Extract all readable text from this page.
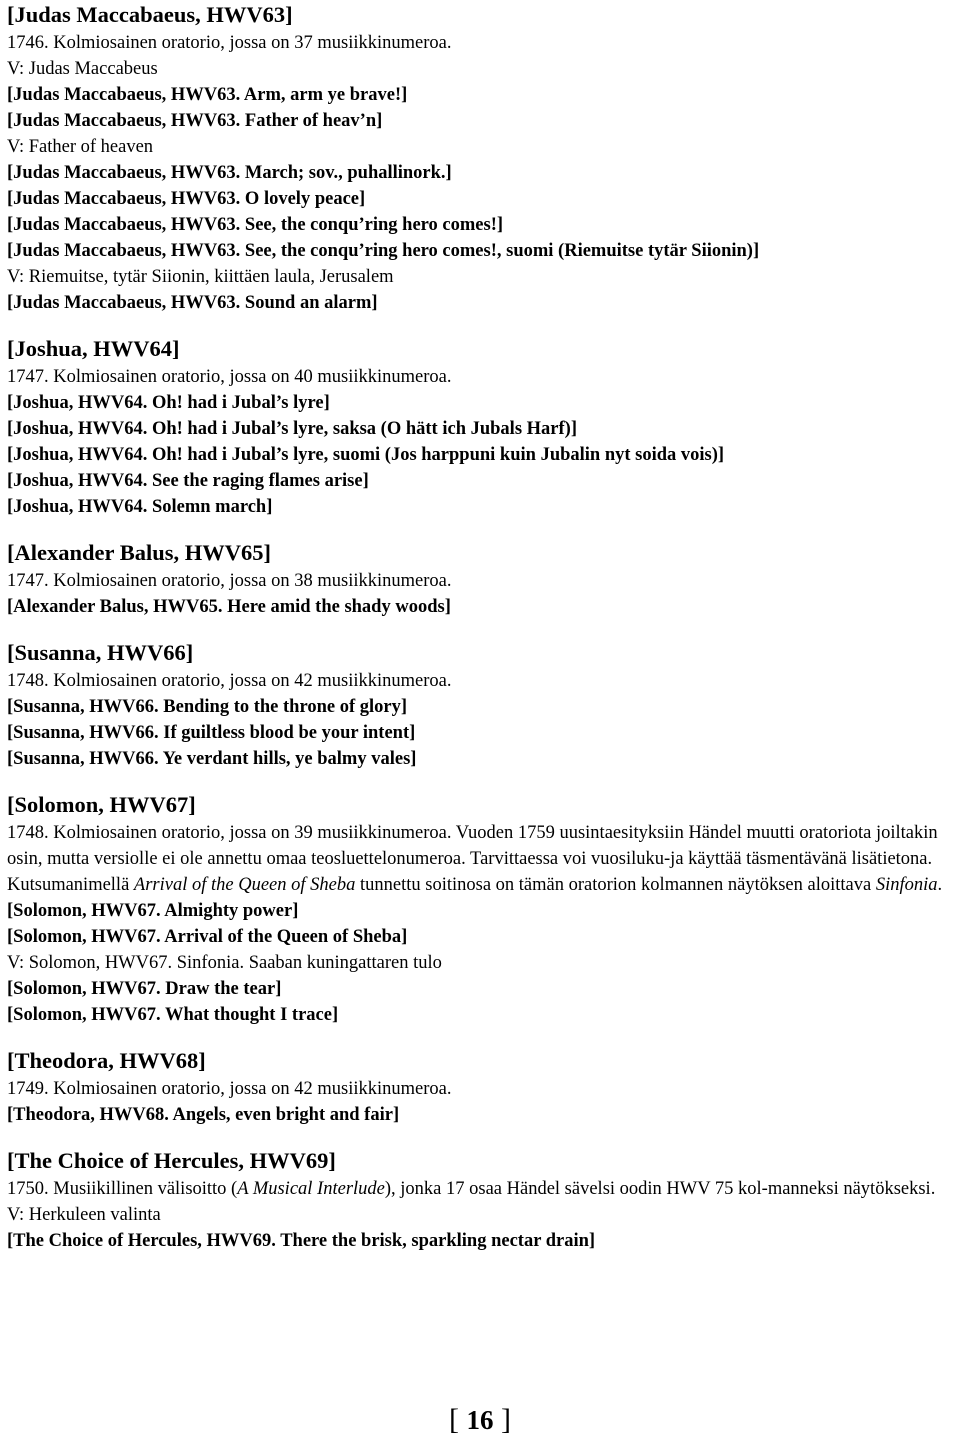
[Judas Maccabaeus, HWV63]
1746. Kolmiosainen oratorio, jossa on 37 musiikkinumeroa.
V: Judas Maccabeus
[Judas Maccabaeus, HWV63. Arm, arm ye brave!]
[Judas Maccabaeus, HWV63. Father of heav’n]
V: Father of heaven
[Judas Maccabaeus, HWV63. March; sov., puhallinork.]
[Judas Maccabaeus, HWV63. O lovely peace]
[Judas Maccabaeus, HWV63. See, the conqu’ring hero comes!]
[Judas Maccabaeus, HWV63. See, the conqu’ring hero comes!, suomi (Riemuitse tytär Siionin)]
V: Riemuitse, tytär Siionin, kiittäen laula, Jerusalem
[Judas Maccabaeus, HWV63. Sound an alarm]
[Joshua, HWV64]
1747. Kolmiosainen oratorio, jossa on 40 musiikkinumeroa.
[Joshua, HWV64. Oh! had i Jubal’s lyre]
[Joshua, HWV64. Oh! had i Jubal’s lyre, saksa (O hätt ich Jubals Harf)]
[Joshua, HWV64. Oh! had i Jubal’s lyre, suomi (Jos harppuni kuin Jubalin nyt soida vois)]
[Joshua, HWV64. See the raging flames arise]
[Joshua, HWV64. Solemn march]
[Alexander Balus, HWV65]
1747. Kolmiosainen oratorio, jossa on 38 musiikkinumeroa.
[Alexander Balus, HWV65. Here amid the shady woods]
[Susanna, HWV66]
1748. Kolmiosainen oratorio, jossa on 42 musiikkinumeroa.
[Susanna, HWV66. Bending to the throne of glory]
[Susanna, HWV66. If guiltless blood be your intent]
[Susanna, HWV66. Ye verdant hills, ye balmy vales]
[Solomon, HWV67]
1748. Kolmiosainen oratorio, jossa on 39 musiikkinumeroa. Vuoden 1759 uusintaesityksiin Händel muutti oratoriota joiltakin osin, mutta versiolle ei ole annettu omaa teosluettelonumeroa. Tarvittaessa voi vuosiluku-ja käyttää täsmentävänä lisätietona. Kutsumanimellä Arrival of the Queen of Sheba tunnettu soitinosa on tämän oratorion kolmannen näytöksen aloittava Sinfonia.
[Solomon, HWV67. Almighty power]
[Solomon, HWV67. Arrival of the Queen of Sheba]
V: Solomon, HWV67. Sinfonia. Saaban kuningattaren tulo
[Solomon, HWV67. Draw the tear]
[Solomon, HWV67. What thought I trace]
[Theodora, HWV68]
1749. Kolmiosainen oratorio, jossa on 42 musiikkinumeroa.
[Theodora, HWV68. Angels, even bright and fair]
[The Choice of Hercules, HWV69]
1750. Musiikillinen välisoitto (A Musical Interlude), jonka 17 osaa Händel sävelsi oodin HWV 75 kol-manneksi näytökseksi.
V: Herkuleen valinta
[The Choice of Hercules, HWV69. There the brisk, sparkling nectar drain]
[ 16 ]
